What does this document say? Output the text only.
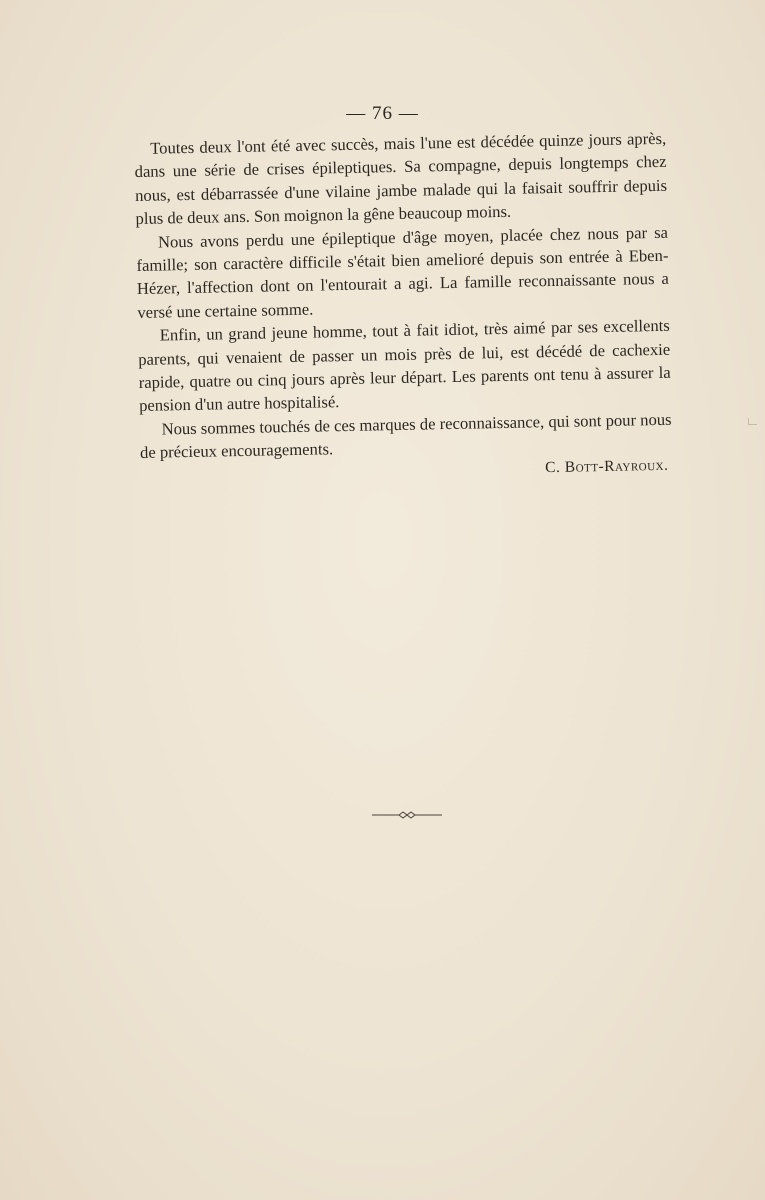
— 76 —

Toutes deux l'ont été avec succès, mais l'une est décédée quinze jours après, dans une série de crises épileptiques. Sa compagne, depuis longtemps chez nous, est débarrassée d'une vilaine jambe malade qui la faisait souffrir depuis plus de deux ans. Son moignon la gêne beaucoup moins.

Nous avons perdu une épileptique d'âge moyen, placée chez nous par sa famille; son caractère difficile s'était bien amelioré depuis son entrée à Eben-Hézer, l'affection dont on l'entourait a agi. La famille reconnaissante nous a versé une certaine somme.

Enfin, un grand jeune homme, tout à fait idiot, très aimé par ses excellents parents, qui venaient de passer un mois près de lui, est décédé de cachexie rapide, quatre ou cinq jours après leur départ. Les parents ont tenu à assurer la pension d'un autre hospitalisé.

Nous sommes touchés de ces marques de reconnaissance, qui sont pour nous de précieux encouragements.

C. Bott-Rayroux.
